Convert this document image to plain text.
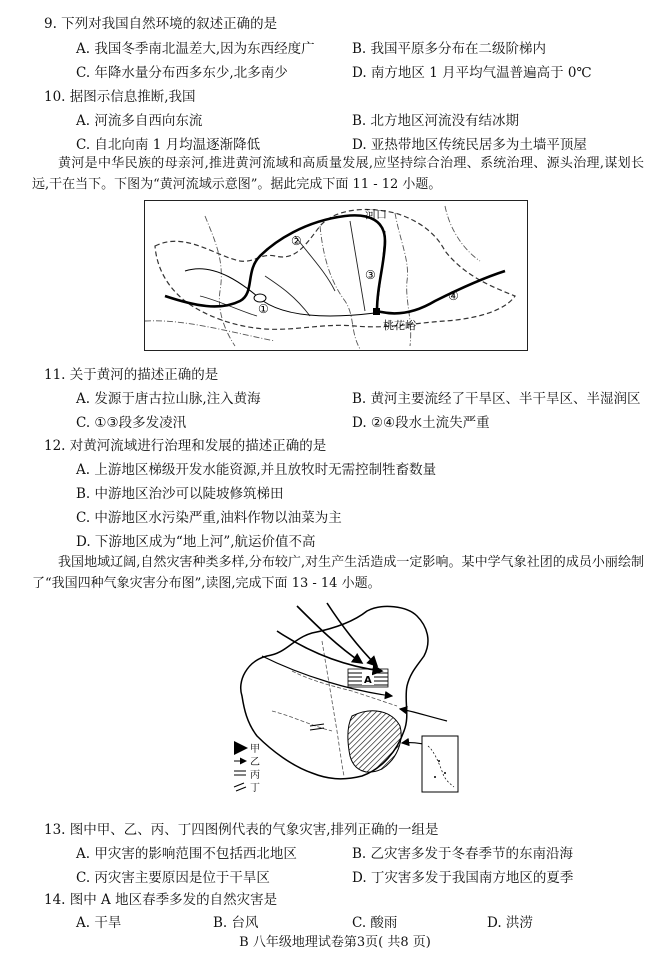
9. 下列对我国自然环境的叙述正确的是
A. 我国冬季南北温差大,因为东西经度广	B. 我国平原多分布在二级阶梯内
C. 年降水量分布西多东少,北多南少	D. 南方地区 1 月平均气温普遍高于 0℃
10. 据图示信息推断,我国
A. 河流多自西向东流	B. 北方地区河流没有结冰期
C. 自北向南 1 月均温逐渐降低	D. 亚热带地区传统民居多为土墙平顶屋
黄河是中华民族的母亲河,推进黄河流域和高质量发展,应坚持综合治理、系统治理、源头治理,谋划长远,干在当下。下图为“黄河流域示意图”。据此完成下面 11 - 12 小题。
河口
桃花峪
①
②
③
④
11. 关于黄河的描述正确的是
A. 发源于唐古拉山脉,注入黄海	B. 黄河主要流经了干旱区、半干旱区、半湿润区
C. ①③段多发凌汛	D. ②④段水土流失严重
12. 对黄河流域进行治理和发展的描述正确的是
A. 上游地区梯级开发水能资源,并且放牧时无需控制牲畜数量
B. 中游地区治沙可以陡坡修筑梯田
C. 中游地区水污染严重,油料作物以油菜为主
D. 下游地区成为“地上河”,航运价值不高
我国地域辽阔,自然灾害种类多样,分布较广,对生产生活造成一定影响。某中学气象社团的成员小丽绘制了“我国四种气象灾害分布图”,读图,完成下面 13 - 14 小题。
A
甲
乙
丙
丁
13. 图中甲、乙、丙、丁四图例代表的气象灾害,排列正确的一组是
A. 甲灾害的影响范围不包括西北地区	B. 乙灾害多发于冬春季节的东南沿海
C. 丙灾害主要原因是位于干旱区	D. 丁灾害多发于我国南方地区的夏季
14. 图中 A 地区春季多发的自然灾害是
A. 干旱	B. 台风	C. 酸雨	D. 洪涝
B 八年级地理试卷第3页( 共8 页)
